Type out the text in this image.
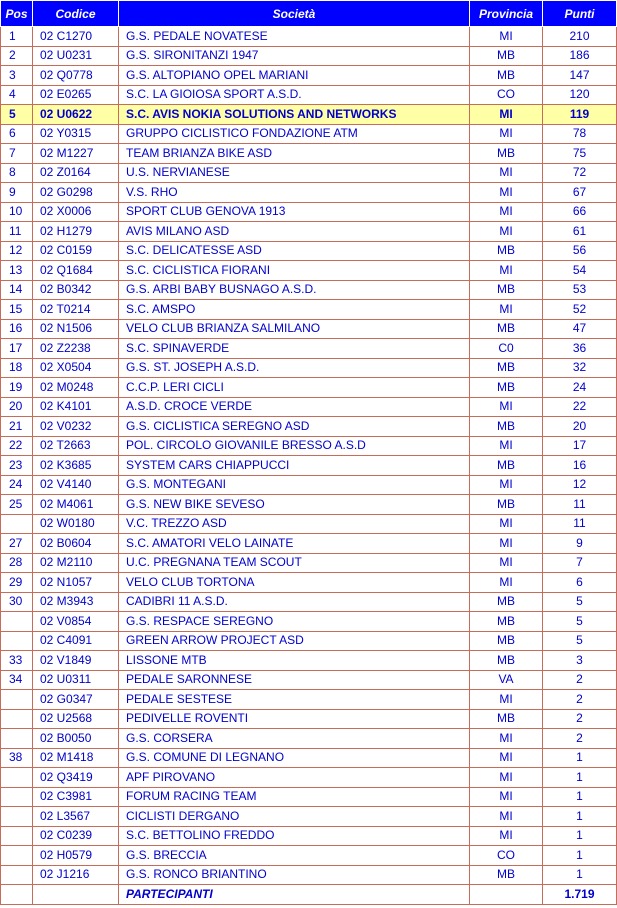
Pos	Codice	Società	Provincia	Punti
1	02 C1270	G.S. PEDALE NOVATESE	MI	210
2	02 U0231	G.S. SIRONITANZI 1947	MB	186
3	02 Q0778	G.S. ALTOPIANO OPEL MARIANI	MB	147
4	02 E0265	S.C. LA GIOIOSA SPORT A.S.D.	CO	120
5	02 U0622	S.C. AVIS NOKIA SOLUTIONS AND NETWORKS	MI	119
6	02 Y0315	GRUPPO CICLISTICO FONDAZIONE ATM	MI	78
7	02 M1227	TEAM BRIANZA BIKE ASD	MB	75
8	02 Z0164	U.S. NERVIANESE	MI	72
9	02 G0298	V.S. RHO	MI	67
10	02 X0006	SPORT CLUB GENOVA 1913	MI	66
11	02 H1279	AVIS MILANO ASD	MI	61
12	02 C0159	S.C. DELICATESSE ASD	MB	56
13	02 Q1684	S.C. CICLISTICA FIORANI	MI	54
14	02 B0342	G.S. ARBI BABY BUSNAGO A.S.D.	MB	53
15	02 T0214	S.C. AMSPO	MI	52
16	02 N1506	VELO CLUB BRIANZA SALMILANO	MB	47
17	02 Z2238	S.C. SPINAVERDE	C0	36
18	02 X0504	G.S. ST. JOSEPH A.S.D.	MB	32
19	02 M0248	C.C.P. LERI CICLI	MB	24
20	02 K4101	A.S.D. CROCE VERDE	MI	22
21	02 V0232	G.S. CICLISTICA SEREGNO ASD	MB	20
22	02 T2663	POL. CIRCOLO GIOVANILE BRESSO A.S.D	MI	17
23	02 K3685	SYSTEM CARS CHIAPPUCCI	MB	16
24	02 V4140	G.S. MONTEGANI	MI	12
25	02 M4061	G.S. NEW BIKE SEVESO	MB	11
	02 W0180	V.C. TREZZO ASD	MI	11
27	02 B0604	S.C. AMATORI VELO LAINATE	MI	9
28	02 M2110	U.C. PREGNANA TEAM SCOUT	MI	7
29	02 N1057	VELO CLUB TORTONA	MI	6
30	02 M3943	CADIBRI 11 A.S.D.	MB	5
	02 V0854	G.S. RESPACE SEREGNO	MB	5
	02 C4091	GREEN ARROW PROJECT ASD	MB	5
33	02 V1849	LISSONE MTB	MB	3
34	02 U0311	PEDALE SARONNESE	VA	2
	02 G0347	PEDALE SESTESE	MI	2
	02 U2568	PEDIVELLE ROVENTI	MB	2
	02 B0050	G.S. CORSERA	MI	2
38	02 M1418	G.S. COMUNE DI LEGNANO	MI	1
	02 Q3419	APF PIROVANO	MI	1
	02 C3981	FORUM RACING TEAM	MI	1
	02 L3567	CICLISTI DERGANO	MI	1
	02 C0239	S.C. BETTOLINO FREDDO	MI	1
	02 H0579	G.S. BRECCIA	CO	1
	02 J1216	G.S. RONCO BRIANTINO	MB	1
		PARTECIPANTI		1.719
